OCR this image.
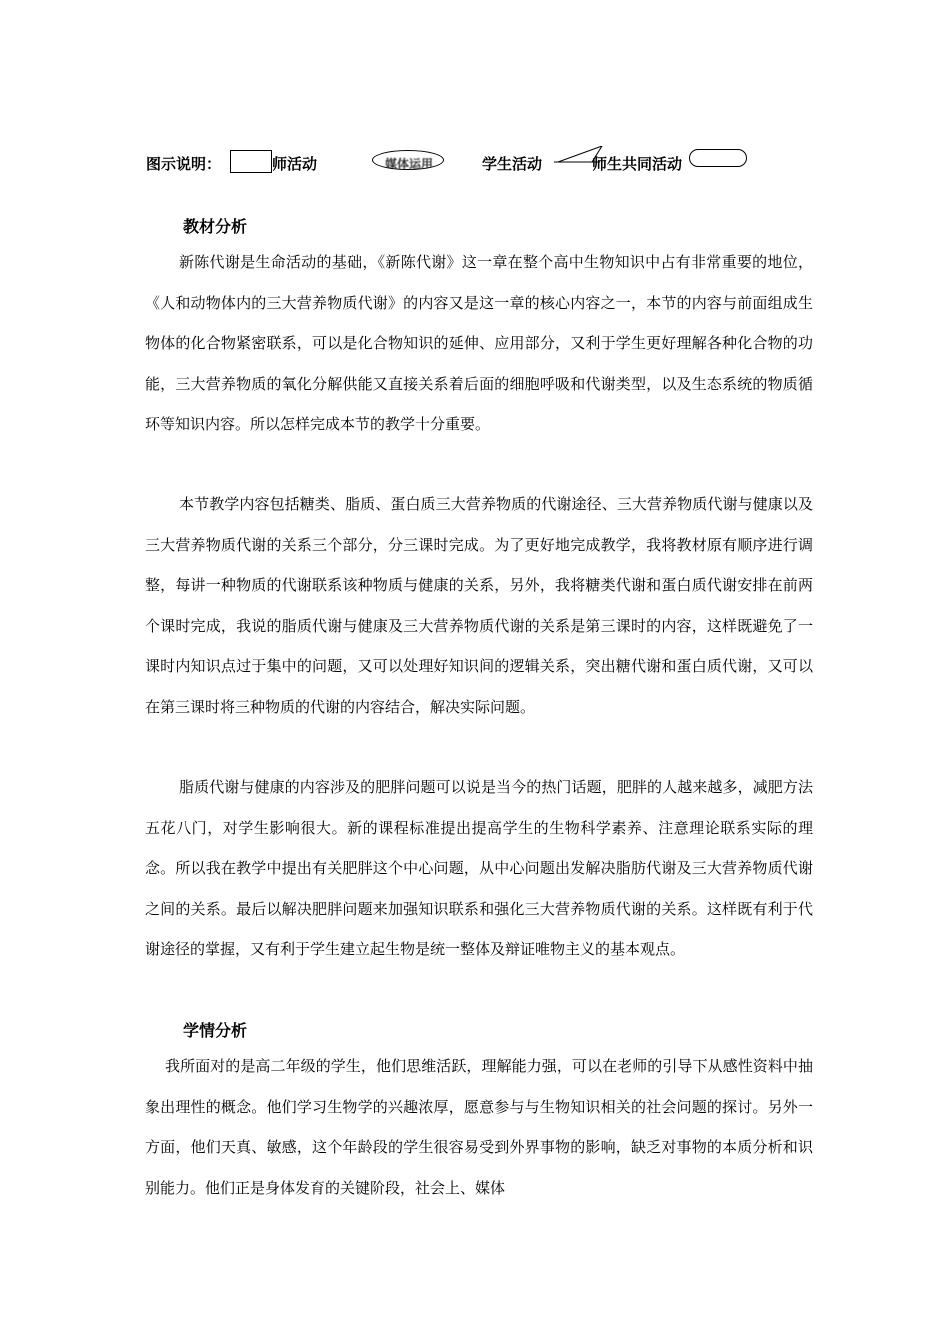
图示说明：	师活动	媒体运用	学生活动	师生共同活动
教材分析

新陈代谢是生命活动的基础，《新陈代谢》这一章在整个高中生物知识中占有非常重要的地位，《人和动物体内的三大营养物质代谢》的内容又是这一章的核心内容之一，本节的内容与前面组成生物体的化合物紧密联系，可以是化合物知识的延伸、应用部分，又利于学生更好理解各种化合物的功能，三大营养物质的氧化分解供能又直接关系着后面的细胞呼吸和代谢类型，以及生态系统的物质循环等知识内容。所以怎样完成本节的教学十分重要。

本节教学内容包括糖类、脂质、蛋白质三大营养物质的代谢途径、三大营养物质代谢与健康以及三大营养物质代谢的关系三个部分，分三课时完成。为了更好地完成教学，我将教材原有顺序进行调整，每讲一种物质的代谢联系该种物质与健康的关系，另外，我将糖类代谢和蛋白质代谢安排在前两个课时完成，我说的脂质代谢与健康及三大营养物质代谢的关系是第三课时的内容，这样既避免了一课时内知识点过于集中的问题，又可以处理好知识间的逻辑关系，突出糖代谢和蛋白质代谢，又可以在第三课时将三种物质的代谢的内容结合，解决实际问题。

脂质代谢与健康的内容涉及的肥胖问题可以说是当今的热门话题，肥胖的人越来越多，减肥方法五花八门，对学生影响很大。新的课程标准提出提高学生的生物科学素养、注意理论联系实际的理念。所以我在教学中提出有关肥胖这个中心问题，从中心问题出发解决脂肪代谢及三大营养物质代谢之间的关系。最后以解决肥胖问题来加强知识联系和强化三大营养物质代谢的关系。这样既有利于代谢途径的掌握，又有利于学生建立起生物是统一整体及辩证唯物主义的基本观点。

学情分析

我所面对的是高二年级的学生，他们思维活跃，理解能力强，可以在老师的引导下从感性资料中抽象出理性的概念。他们学习生物学的兴趣浓厚，愿意参与与生物知识相关的社会问题的探讨。另外一方面，他们天真、敏感，这个年龄段的学生很容易受到外界事物的影响，缺乏对事物的本质分析和识别能力。他们正是身体发育的关键阶段，社会上、媒体
